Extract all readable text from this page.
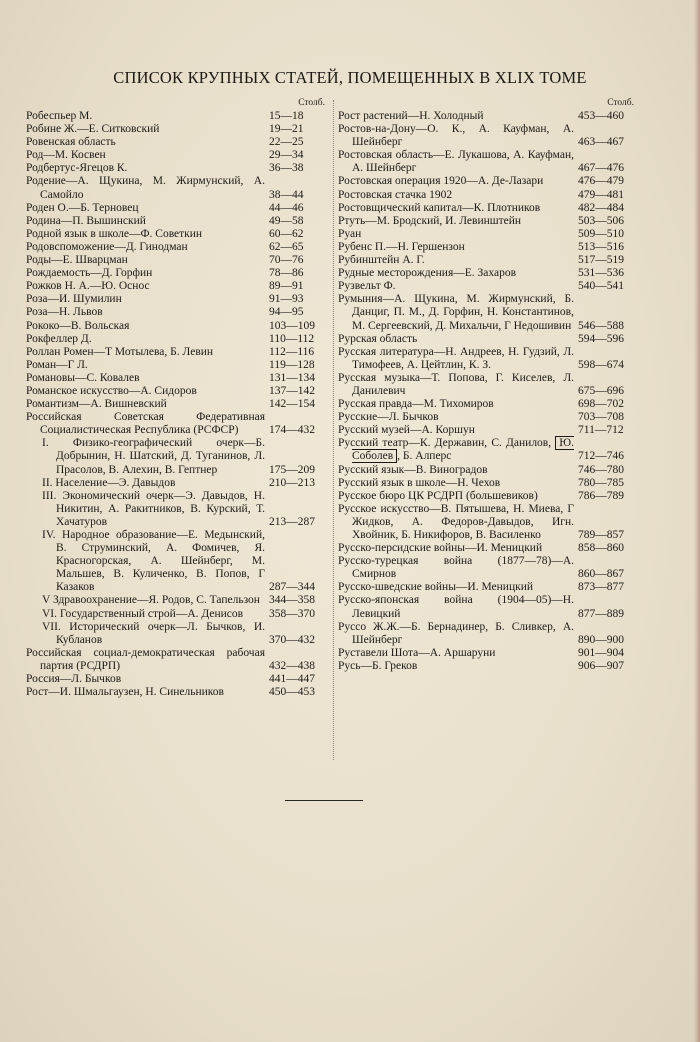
СПИСОК КРУПНЫХ СТАТЕЙ, ПОМЕЩЕННЫХ В XLIX ТОМЕ
Столб.
Робеспьер М.	15—18
Робине Ж.—Е. Ситковский	19—21
Ровенская область	22—25
Род—М. Косвен	29—34
Родбертус-Ягецов К.	36—38
Родение—А. Щукина, М. Жирмунский, А. Самойло	38—44
Роден О.—Б. Терновец	44—46
Родина—П. Вышинский	49—58
Родной язык в школе—Ф. Советкин	60—62
Родовспоможение—Д. Гинодман	62—65
Роды—Е. Шварцман	70—76
Рождаемость—Д. Горфин	78—86
Рожков Н. А.—Ю. Оснос	89—91
Роза—И. Шумилин	91—93
Роза—Н. Львов	94—95
Рококо—В. Вольская	103—109
Рокфеллер Д.	110—112
Роллан Ромен—Т Мотылева, Б. Левин	112—116
Роман—Г Л.	119—128
Романовы—С. Ковалев	131—134
Романское искусство—А. Сидоров	137—142
Романтизм—А. Вишневский	142—154
Российская Советская Федеративная Социалистическая Республика (РСФСР)	174—432
I. Физико-географический очерк—Б. Добрынин, Н. Шатский, Д. Туганинов, Л. Прасолов, В. Алехин, В. Гептнер	175—209
II. Население—Э. Давыдов	210—213
III. Экономический очерк—Э. Давыдов, Н. Никитин, А. Ракитников, В. Курский, Т. Хачатуров	213—287
IV. Народное образование—Е. Медынский, В. Струминский, А. Фомичев, Я. Красногорская, А. Шейнберг, М. Мальшев, В. Куличенко, В. Попов, Г Казаков	287—344
V Здравоохранение—Я. Родов, С. Тапельзон 344—358
VI. Государственный строй—А. Денисов	358—370
VII. Исторический очерк—Л. Бычков, И. Кубланов	370—432
Российская социал-демократическая рабочая партия (РСДРП)	432—438
Россия—Л. Бычков	441—447
Рост—И. Шмальгаузен, Н. Синельников	450—453
Столб.
Рост растений—Н. Холодный	453—460
Ростов-на-Дону—О. К., А. Кауфман, А. Шейнберг	463—467
Ростовская область—Е. Лукашова, А. Кауфман, А. Шейнберг	467—476
Ростовская операция 1920—А. Де-Лазари	476—479
Ростовская стачка 1902	479—481
Ростовщический капитал—К. Плотников	482—484
Ртуть—М. Бродский, И. Левинштейн	503—506
Руан	509—510
Рубенс П.—Н. Гершензон	513—516
Рубинштейн А. Г.	517—519
Рудные месторождения—Е. Захаров	531—536
Рузвельт Ф.	540—541
Румыния—А. Щукина, М. Жирмунский, Б. Данциг, П. М., Д. Горфин, Н. Константинов, М. Сергеевский, Д. Михальчи, Г Недошивин 546—588
Рурская область	594—596
Русская литература—Н. Андреев, Н. Гудзий, Л. Тимофеев, А. Цейтлин, К. З.	598—674
Русская музыка—Т. Попова, Г. Киселев, Л. Данилевич	675—696
Русская правда—М. Тихомиров	698—702
Русские—Л. Бычков	703—708
Русский музей—А. Коршун	711—712
Русский театр—К. Державин, С. Данилов, Ю. Соболев , Б. Алперс	712—746
Русский язык—В. Виноградов	746—780
Русский язык в школе—Н. Чехов	780—785
Русское бюро ЦК РСДРП (большевиков)	786—789
Русское искусство—В. Пятышева, Н. Миева, Г Жидков, А. Федоров-Давыдов, Игн. Хвойник, Б. Никифоров, В. Василенко	789—857
Русско-персидские войны—И. Меницкий	858—860
Русско-турецкая война (1877—78)—А. Смирнов	860—867
Русско-шведские войны—И. Меницкий	873—877
Русско-японская война (1904—05)—Н. Левицкий	877—889
Руссо Ж.Ж.—Б. Бернадинер, Б. Сливкер, А. Шейнберг	890—900
Руставели Шота—А. Аршаруни	901—904
Русь—Б. Греков	906—907
